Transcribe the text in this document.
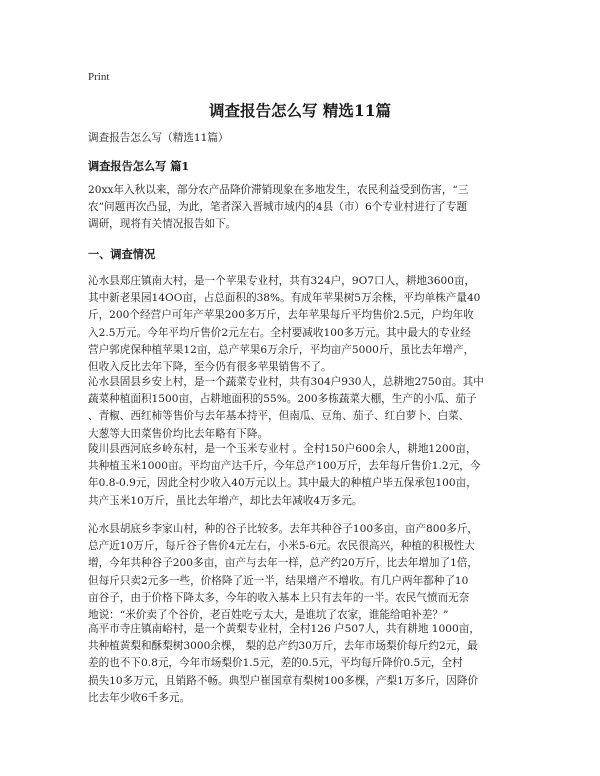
Print
调查报告怎么写 精选11篇
调查报告怎么写（精选11篇）
调查报告怎么写 篇1
20xx年入秋以来，部分农产品降价滞销现象在多地发生，农民利益受到伤害，“三
农”问题再次凸显，为此，笔者深入晋城市域内的4县（市）6个专业村进行了专题
调研，现将有关情况报告如下。
一、调查情况
沁水县郑庄镇南大村，是一个苹果专业村，共有324户，9O7口人，耕地3600亩，
其中新老果园14OO亩，占总面积的38%。有成年苹果树5万余株，平均单株产量40
斤，200个经营户可年产苹果200多万斤，去年苹果每斤平均售价2.5元，户均年收
入2.5万元。今年平均斤售价2元左右。全村要减收100多万元。其中最大的专业经
营户郭虎保种植苹果12亩，总产苹果6万余斤，平均亩产5000斤，虽比去年增产，
但收入反比去年下降，至今仍有很多苹果销售不了。
沁水县固县乡安上村，是一个蔬菜专业村，共有304户930人，总耕地2750亩。其中
蔬菜种植面积1500亩，占耕地面积的55%。200多栋蔬菜大棚，生产的小瓜、茄子
、青椒、西红柿等售价与去年基本持平，但南瓜、豆角、茄子、红白萝卜、白菜、
大葱等大田菜售价均比去年略有下降。
陵川县西河底乡岭东村，是一个玉米专业村 。全村150户600余人，耕地1200亩，
共种植玉米1000亩。平均亩产达千斤，今年总产100万斤，去年每斤售价1.2元，今
年0.8-0.9元，因此全村少收入40万元以上。其中最大的种植户毕五保承包100亩，
共产玉米10万斤，虽比去年增产，却比去年减收4万多元。
沁水县胡底乡李家山村，种的谷子比较多。去年共种谷子100多亩，亩产800多斤，
总产近10万斤，每斤谷子售价4元左右，小米5-6元。农民很高兴，种植的积极性大
增，今年共种谷子200多亩，亩产与去年一样，总产约20万斤，比去年增加了1倍，
但每斤只卖2元多一些，价格降了近一半，结果增产不增收。有几户两年都种了10
亩谷子，由于价格下降太多，今年的收入基本上只有去年的一半。农民气愤而无奈
地说：“米价卖了个谷价，老百姓吃亏太大，是谁坑了农家，谁能给咱补差？”
高平市寺庄镇南峪村，是一个黄梨专业村，全村126 户507人，共有耕地 1000亩，
共种植黄梨和酥梨树3000余棵， 梨的总产约30万斤，去年市场梨价每斤约2元，最
差的也不下0.8元，今年市场梨价1.5元，差的0.5元，平均每斤降价0.5元，全村
损失10多万元，且销路不畅。典型户崔国章有梨树100多棵，产梨1万多斤，因降价
比去年少收6千多元。
